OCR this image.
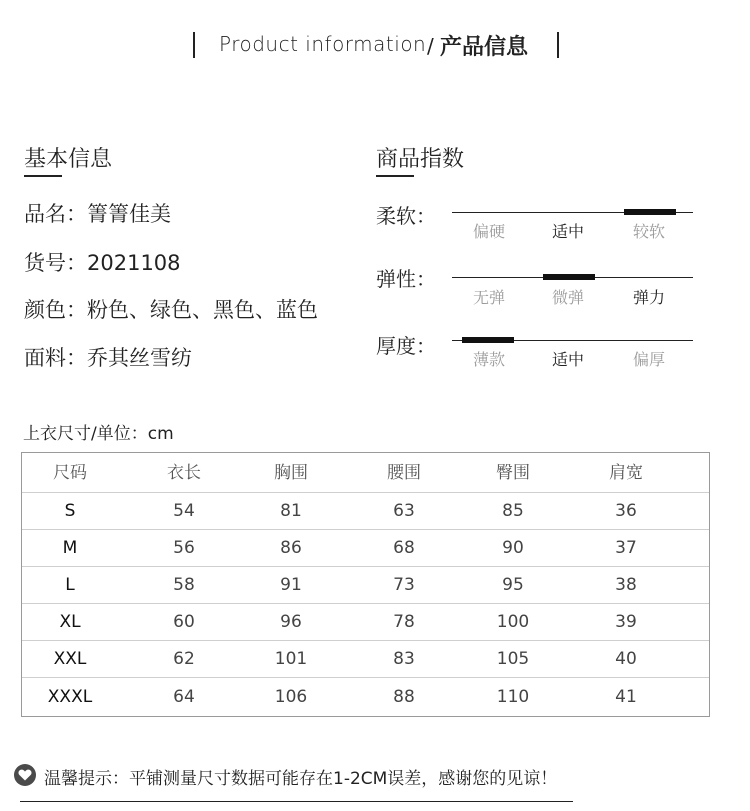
Product information / 产品信息
基本信息
品名：箐箐佳美
货号：2021108
颜色：粉色、绿色、黑色、蓝色
面料：乔其丝雪纺
商品指数
柔软：
偏硬	适中	较软
弹性：
无弹	微弹	弹力
厚度：
薄款	适中	偏厚
上衣尺寸/单位：cm
尺码	衣长	胸围	腰围	臀围	肩宽
S	54	81	63	85	36
M	56	86	68	90	37
L	58	91	73	95	38
XL	60	96	78	100	39
XXL	62	101	83	105	40
XXXL	64	106	88	110	41
温馨提示：平铺测量尺寸数据可能存在1-2CM误差，感谢您的见谅！
